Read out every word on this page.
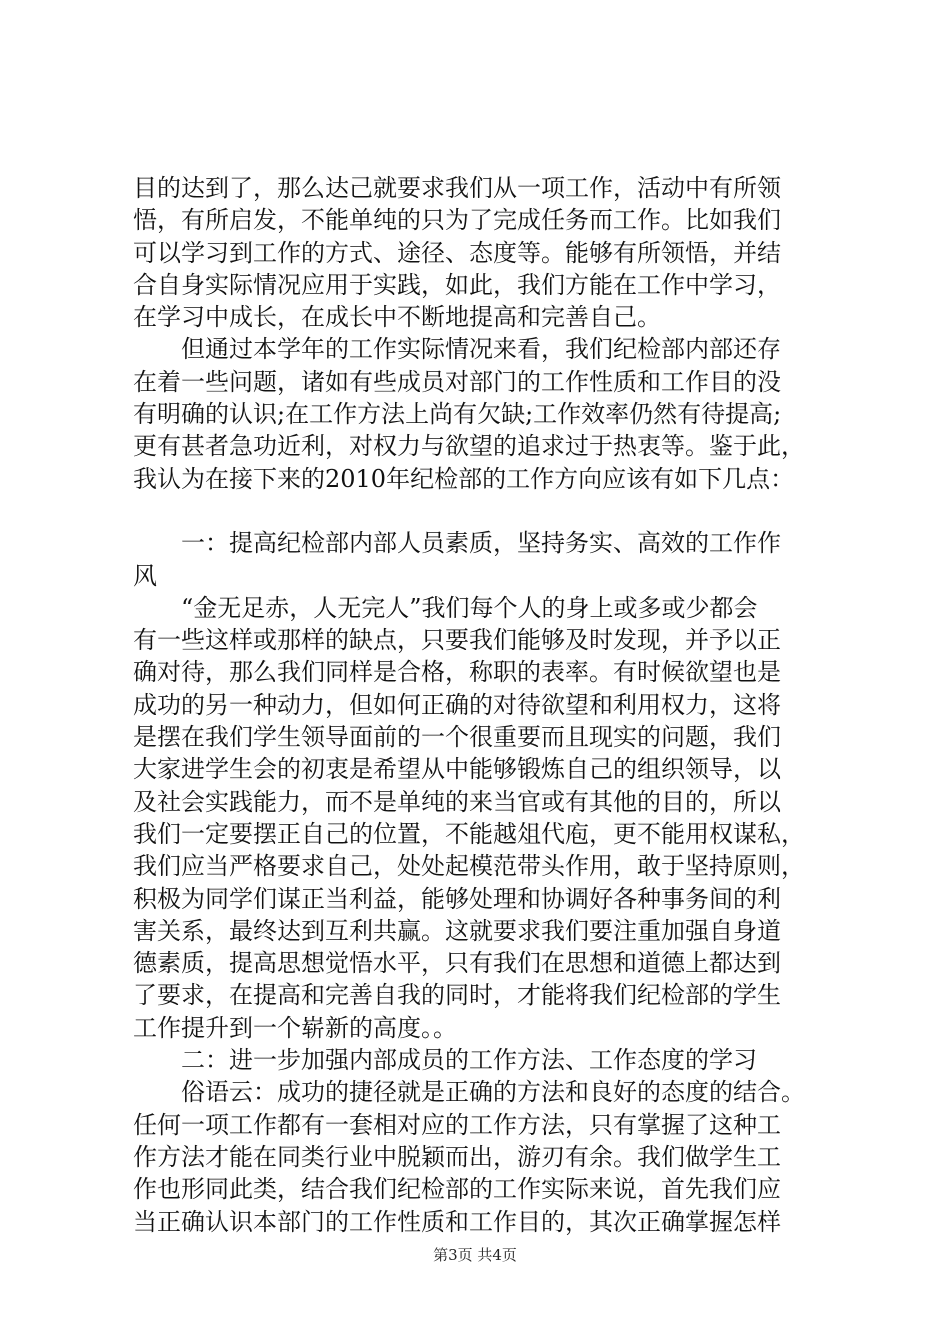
目的达到了，那么达己就要求我们从一项工作，活动中有所领
悟，有所启发，不能单纯的只为了完成任务而工作。比如我们
可以学习到工作的方式、途径、态度等。能够有所领悟，并结
合自身实际情况应用于实践，如此，我们方能在工作中学习，
在学习中成长，在成长中不断地提高和完善自己。
但通过本学年的工作实际情况来看，我们纪检部内部还存
在着一些问题，诸如有些成员对部门的工作性质和工作目的没
有明确的认识;在工作方法上尚有欠缺;工作效率仍然有待提高;
更有甚者急功近利，对权力与欲望的追求过于热衷等。鉴于此，
我认为在接下来的2010年纪检部的工作方向应该有如下几点：
一：提高纪检部内部人员素质，坚持务实、高效的工作作
风
“金无足赤，人无完人”我们每个人的身上或多或少都会
有一些这样或那样的缺点，只要我们能够及时发现，并予以正
确对待，那么我们同样是合格，称职的表率。有时候欲望也是
成功的另一种动力，但如何正确的对待欲望和利用权力，这将
是摆在我们学生领导面前的一个很重要而且现实的问题，我们
大家进学生会的初衷是希望从中能够锻炼自己的组织领导，以
及社会实践能力，而不是单纯的来当官或有其他的目的，所以
我们一定要摆正自己的位置，不能越俎代庖，更不能用权谋私，
我们应当严格要求自己，处处起模范带头作用，敢于坚持原则，
积极为同学们谋正当利益，能够处理和协调好各种事务间的利
害关系，最终达到互利共赢。这就要求我们要注重加强自身道
德素质，提高思想觉悟水平，只有我们在思想和道德上都达到
了要求，在提高和完善自我的同时，才能将我们纪检部的学生
工作提升到一个崭新的高度。。
二：进一步加强内部成员的工作方法、工作态度的学习
俗语云：成功的捷径就是正确的方法和良好的态度的结合。
任何一项工作都有一套相对应的工作方法，只有掌握了这种工
作方法才能在同类行业中脱颖而出，游刃有余。我们做学生工
作也形同此类，结合我们纪检部的工作实际来说，首先我们应
当正确认识本部门的工作性质和工作目的，其次正确掌握怎样
第3页 共4页
